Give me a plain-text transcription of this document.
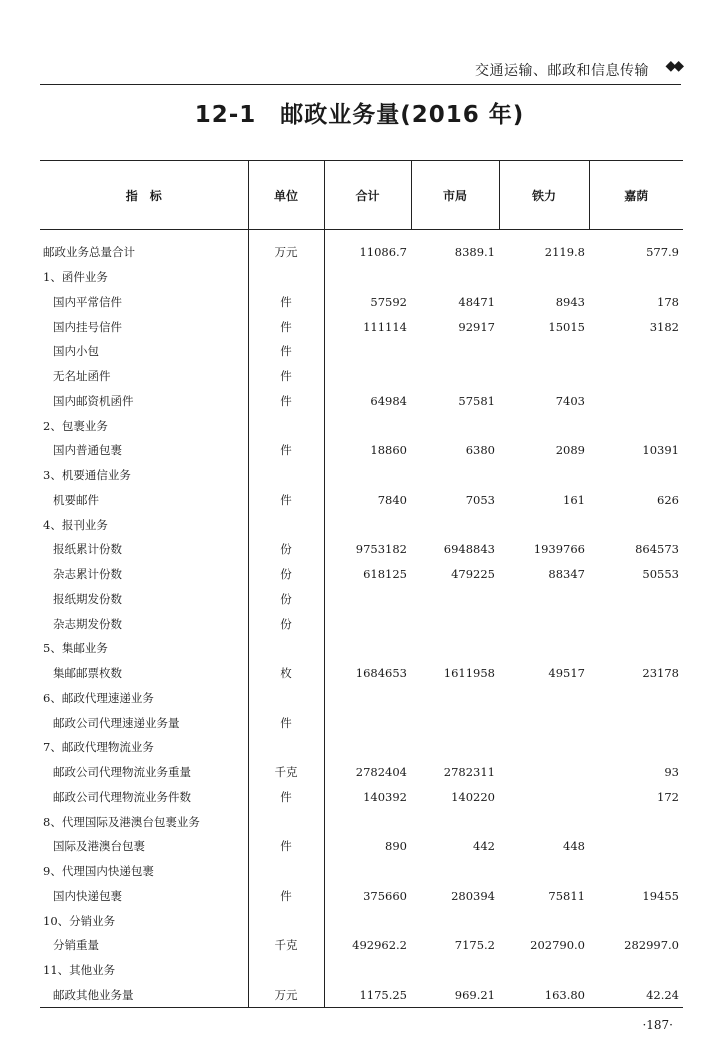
交通运输、邮政和信息传输 ◆◆
12-1　邮政业务量(2016 年)
指　标	单位	合计	市局	铁力	嘉荫
邮政业务总量合计	万元	11086.7	8389.1	2119.8	577.9
1、函件业务					
国内平常信件	件	57592	48471	8943	178
国内挂号信件	件	111114	92917	15015	3182
国内小包	件				
无名址函件	件				
国内邮资机函件	件	64984	57581	7403	
2、包裹业务					
国内普通包裹	件	18860	6380	2089	10391
3、机要通信业务					
机要邮件	件	7840	7053	161	626
4、报刊业务					
报纸累计份数	份	9753182	6948843	1939766	864573
杂志累计份数	份	618125	479225	88347	50553
报纸期发份数	份				
杂志期发份数	份				
5、集邮业务					
集邮邮票枚数	枚	1684653	1611958	49517	23178
6、邮政代理速递业务					
邮政公司代理速递业务量	件				
7、邮政代理物流业务					
邮政公司代理物流业务重量	千克	2782404	2782311		93
邮政公司代理物流业务件数	件	140392	140220		172
8、代理国际及港澳台包裹业务					
国际及港澳台包裹	件	890	442	448	
9、代理国内快递包裹					
国内快递包裹	件	375660	280394	75811	19455
10、分销业务					
分销重量	千克	492962.2	7175.2	202790.0	282997.0
11、其他业务					
邮政其他业务量	万元	1175.25	969.21	163.80	42.24
·187·
